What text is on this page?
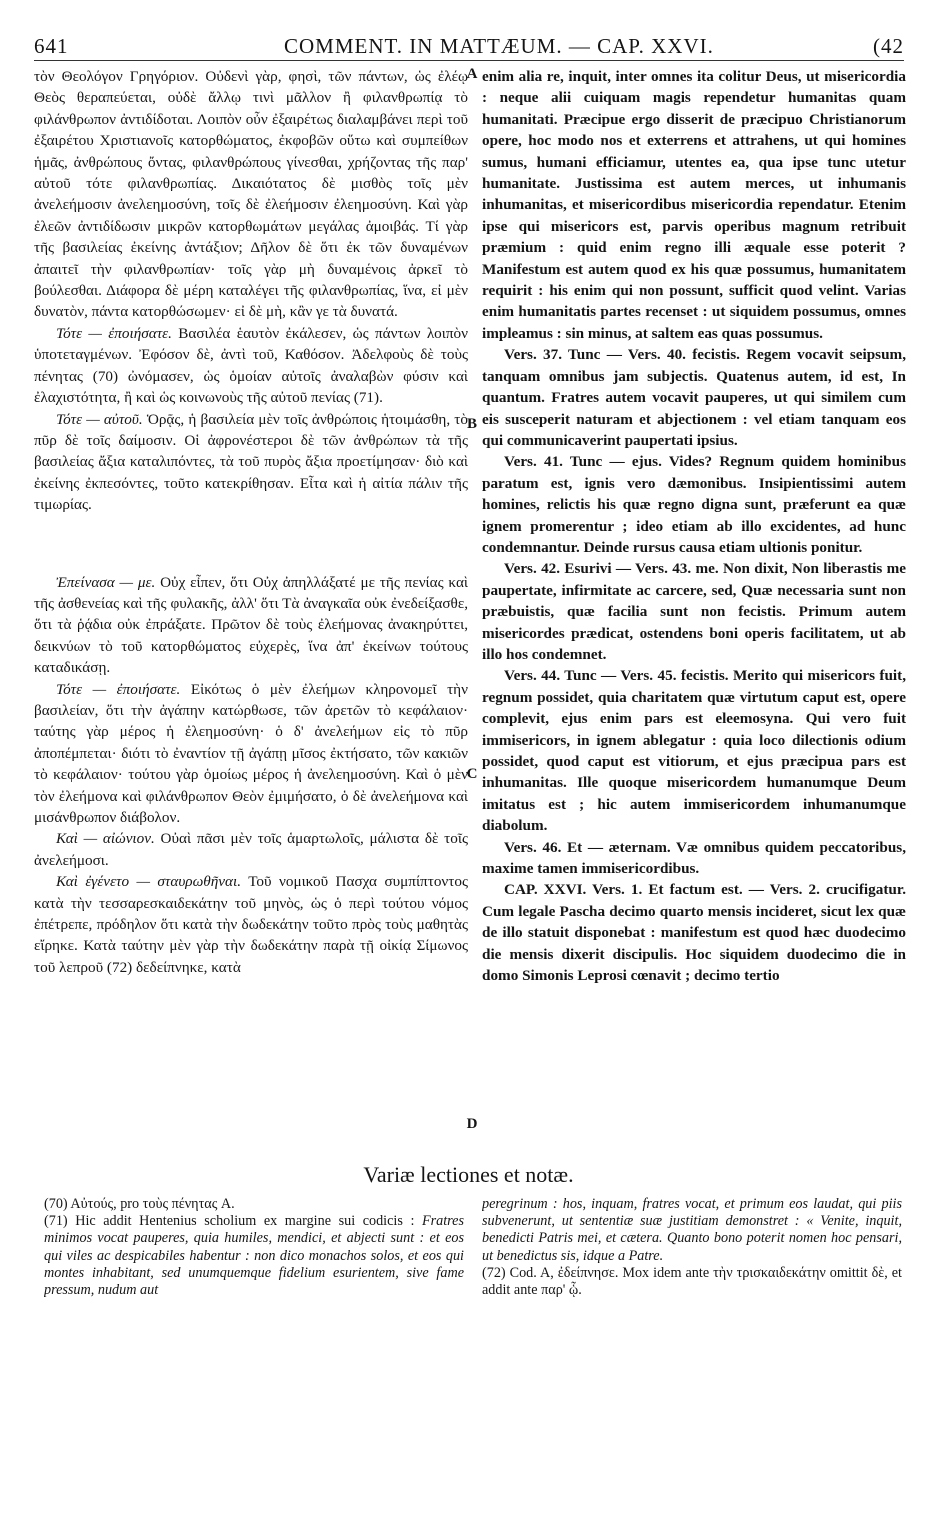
641	COMMENT. IN MATTÆUM. — CAP. XXVI.	(42

τὸν Θεολόγον Γρηγόριον. Οὐδενὶ γὰρ, φησὶ, τῶν πάντων, ὡς ἐλέῳ Θεὸς θεραπεύεται, οὐδὲ ἄλλῳ τινὶ μᾶλλον ἢ φιλανθρωπίᾳ τὸ φιλάνθρωπον ἀντιδίδοται. Λοιπὸν οὖν ἐξαιρέτως διαλαμβάνει περὶ τοῦ ἐξαιρέτου Χριστιανοῖς κατορθώματος, ἐκφοβῶν οὕτω καὶ συμπείθων ἡμᾶς, ἀνθρώπους ὄντας, φιλανθρώπους γίνεσθαι, χρήζοντας τῆς παρ' αὐτοῦ τότε φιλανθρωπίας. Δικαιότατος δὲ μισθὸς τοῖς μὲν ἀνελεήμοσιν ἀνελεημοσύνη, τοῖς δὲ ἐλεήμοσιν ἐλεημοσύνη. Καὶ γὰρ ἐλεῶν ἀντιδίδωσιν μικρῶν κατορθωμάτων μεγάλας ἀμοιβάς. Τί γὰρ τῆς βασιλείας ἐκείνης ἀντάξιον; Δῆλον δὲ ὅτι ἐκ τῶν δυναμένων ἀπαιτεῖ τὴν φιλανθρωπίαν· τοῖς γὰρ μὴ δυναμένοις ἀρκεῖ τὸ βούλεσθαι. Διάφορα δὲ μέρη καταλέγει τῆς φιλανθρωπίας, ἵνα, εἰ μὲν δυνατὸν, πάντα κατορθώσωμεν· εἰ δὲ μὴ, κἂν γε τὰ δυνατά.

Τότε — ἐποιήσατε. Βασιλέα ἑαυτὸν ἐκάλεσεν, ὡς πάντων λοιπὸν ὑποτεταγμένων. Ἐφόσον δὲ, ἀντὶ τοῦ, Καθόσον. Ἀδελφοὺς δὲ τοὺς πένητας (70) ὠνόμασεν, ὡς ὁμοίαν αὐτοῖς ἀναλαβὼν φύσιν καὶ ἐλαχιστότητα, ἢ καὶ ὡς κοινωνοὺς τῆς αὐτοῦ πενίας (71).

Τότε — αὐτοῦ. Ὁρᾷς, ἡ βασιλεία μὲν τοῖς ἀνθρώποις ἡτοιμάσθη, τὸ πῦρ δὲ τοῖς δαίμοσιν. Οἱ ἀφρονέστεροι δὲ τῶν ἀνθρώπων τὰ τῆς βασιλείας ἄξια καταλιπόντες, τὰ τοῦ πυρὸς ἄξια προετίμησαν· διὸ καὶ ἐκείνης ἐκπεσόντες, τοῦτο κατεκρίθησαν. Εἶτα καὶ ἡ αἰτία πάλιν τῆς τιμωρίας.

Ἐπείνασα — με. Οὐχ εἶπεν, ὅτι Οὐχ ἀπηλλάξατέ με τῆς πενίας καὶ τῆς ἀσθενείας καὶ τῆς φυλακῆς, ἀλλ' ὅτι Τὰ ἀναγκαῖα οὐκ ἐνεδείξασθε, ὅτι τὰ ῥᾴδια οὐκ ἐπράξατε. Πρῶτον δὲ τοὺς ἐλεήμονας ἀνακηρύττει, δεικνύων τὸ τοῦ κατορθώματος εὐχερὲς, ἵνα ἀπ' ἐκείνων τούτους καταδικάσῃ.

Τότε — ἐποιήσατε. Εἰκότως ὁ μὲν ἐλεήμων κληρονομεῖ τὴν βασιλείαν, ὅτι τὴν ἀγάπην κατώρθωσε, τῶν ἀρετῶν τὸ κεφάλαιον· ταύτης γὰρ μέρος ἡ ἐλεημοσύνη· ὁ δ' ἀνελεήμων εἰς τὸ πῦρ ἀποπέμπεται· διότι τὸ ἐναντίον τῇ ἀγάπῃ μῖσος ἐκτήσατο, τῶν κακιῶν τὸ κεφάλαιον· τούτου γὰρ ὁμοίως μέρος ἡ ἀνελεημοσύνη. Καὶ ὁ μὲν τὸν ἐλεήμονα καὶ φιλάνθρωπον Θεὸν ἐμιμήσατο, ὁ δὲ ἀνελεήμονα καὶ μισάνθρωπον διάβολον.

Καὶ — αἰώνιον. Οὐαὶ πᾶσι μὲν τοῖς ἁμαρτωλοῖς, μάλιστα δὲ τοῖς ἀνελεήμοσι.

Καὶ ἐγένετο — σταυρωθῆναι. Τοῦ νομικοῦ Πασχα συμπίπτοντος κατὰ τὴν τεσσαρεσκαιδεκάτην τοῦ μηνὸς, ὡς ὁ περὶ τούτου νόμος ἐπέτρεπε, πρόδηλον ὅτι κατὰ τὴν δωδεκάτην τοῦτο πρὸς τοὺς μαθητὰς εἴρηκε. Κατὰ ταύτην μὲν γὰρ τὴν δωδεκάτην παρὰ τῇ οἰκίᾳ Σίμωνος τοῦ λεπροῦ (72) δεδείπνηκε, κατὰ

A
B
C
D

enim alia re, inquit, inter omnes ita colitur Deus, ut misericordia : neque alii cuiquam magis rependetur humanitas quam humanitati. Præcipue ergo disserit de præcipuo Christianorum opere, hoc modo nos et exterrens et attrahens, ut qui homines sumus, humani efficiamur, utentes ea, qua ipse tunc utetur humanitate. Justissima est autem merces, ut inhumanis inhumanitas, et misericordibus misericordia rependatur. Etenim ipse qui misericors est, parvis operibus magnum retribuit præmium : quid enim regno illi æquale esse poterit ? Manifestum est autem quod ex his quæ possumus, humanitatem requirit : his enim qui non possunt, sufficit quod velint. Varias enim humanitatis partes recenset : ut siquidem possumus, omnes impleamus : sin minus, at saltem eas quas possumus.

Vers. 37. Tunc — Vers. 40. fecistis. Regem vocavit seipsum, tanquam omnibus jam subjectis. Quatenus autem, id est, In quantum. Fratres autem vocavit pauperes, ut qui similem cum eis susceperit naturam et abjectionem : vel etiam tanquam eos qui communicaverint paupertati ipsius.

Vers. 41. Tunc — ejus. Vides? Regnum quidem hominibus paratum est, ignis vero dæmonibus. Insipientissimi autem homines, relictis his quæ regno digna sunt, præferunt ea quæ ignem promerentur ; ideo etiam ab illo excidentes, ad hunc condemnantur. Deinde rursus causa etiam ultionis ponitur.

Vers. 42. Esurivi — Vers. 43. me. Non dixit, Non liberastis me paupertate, infirmitate ac carcere, sed, Quæ necessaria sunt non præbuistis, quæ facilia sunt non fecistis. Primum autem misericordes prædicat, ostendens boni operis facilitatem, ut ab illo hos condemnet.

Vers. 44. Tunc — Vers. 45. fecistis. Merito qui misericors fuit, regnum possidet, quia charitatem quæ virtutum caput est, opere complevit, ejus enim pars est eleemosyna. Qui vero fuit immisericors, in ignem ablegatur : quia loco dilectionis odium possidet, quod caput est vitiorum, et ejus præcipua pars est inhumanitas. Ille quoque misericordem humanumque Deum imitatus est ; hic autem immisericordem inhumanumque diabolum.

Vers. 46. Et — æternam. Væ omnibus quidem peccatoribus, maxime tamen immisericordibus.

CAP. XXVI. Vers. 1. Et factum est. — Vers. 2. crucifigatur. Cum legale Pascha decimo quarto mensis incideret, sicut lex quæ de illo statuit disponebat : manifestum est quod hæc duodecimo die mensis dixerit discipulis. Hoc siquidem duodecimo die in domo Simonis Leprosi cœnavit ; decimo tertio

Variæ lectiones et notæ.

(70) Αὐτούς, pro τοὺς πένητας A.

(71) Hic addit Hentenius scholium ex margine sui codicis : Fratres minimos vocat pauperes, quia humiles, mendici, et abjecti sunt : et eos qui viles ac despicabiles habentur : non dico monachos solos, et eos qui montes inhabitant, sed unumquemque fidelium esurientem, sive fame pressum, nudum aut

peregrinum : hos, inquam, fratres vocat, et primum eos laudat, qui piis subvenerunt, ut sententiæ suæ justitiam demonstret : « Venite, inquit, benedicti Patris mei, et cætera. Quanto bono poterit nomen hoc pensari, ut benedictus sis, idque a Patre.

(72) Cod. A, ἐδείπνησε. Mox idem ante τὴν τρισκαιδεκάτην omittit δὲ, et addit ante παρ' ᾧ.
